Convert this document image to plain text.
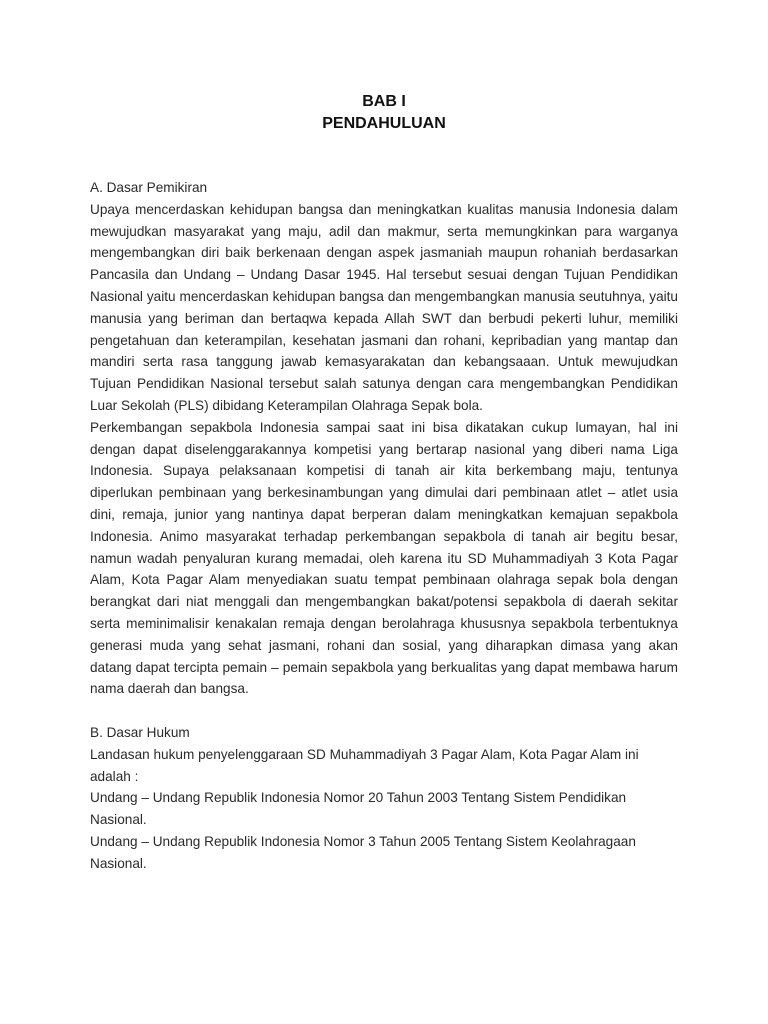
BAB I
PENDAHULUAN

A. Dasar Pemikiran

Upaya mencerdaskan kehidupan bangsa dan meningkatkan kualitas manusia Indonesia dalam mewujudkan masyarakat yang maju, adil dan makmur, serta memungkinkan para warganya mengembangkan diri baik berkenaan dengan aspek jasmaniah maupun rohaniah berdasarkan Pancasila dan Undang – Undang Dasar 1945. Hal tersebut sesuai dengan Tujuan Pendidikan Nasional yaitu mencerdaskan kehidupan bangsa dan mengembangkan manusia seutuhnya, yaitu manusia yang beriman dan bertaqwa kepada Allah SWT dan berbudi pekerti luhur, memiliki pengetahuan dan keterampilan, kesehatan jasmani dan rohani, kepribadian yang mantap dan mandiri serta rasa tanggung jawab kemasyarakatan dan kebangsaaan. Untuk mewujudkan Tujuan Pendidikan Nasional tersebut salah satunya dengan cara mengembangkan Pendidikan Luar Sekolah (PLS) dibidang Keterampilan Olahraga Sepak bola.

Perkembangan sepakbola Indonesia sampai saat ini bisa dikatakan cukup lumayan, hal ini dengan dapat diselenggarakannya kompetisi yang bertarap nasional yang diberi nama Liga Indonesia. Supaya pelaksanaan kompetisi di tanah air kita berkembang maju, tentunya diperlukan pembinaan yang berkesinambungan yang dimulai dari pembinaan atlet – atlet usia dini, remaja, junior yang nantinya dapat berperan dalam meningkatkan kemajuan sepakbola Indonesia. Animo masyarakat terhadap perkembangan sepakbola di tanah air begitu besar, namun wadah penyaluran kurang memadai, oleh karena itu SD Muhammadiyah 3 Kota Pagar Alam, Kota Pagar Alam menyediakan suatu tempat pembinaan olahraga sepak bola dengan berangkat dari niat menggali dan mengembangkan bakat/potensi sepakbola di daerah sekitar serta meminimalisir kenakalan remaja dengan berolahraga khususnya sepakbola terbentuknya generasi muda yang sehat jasmani, rohani dan sosial, yang diharapkan dimasa yang akan datang dapat tercipta pemain – pemain sepakbola yang berkualitas yang dapat membawa harum nama daerah dan bangsa.

B. Dasar Hukum

Landasan hukum penyelenggaraan SD Muhammadiyah 3 Pagar Alam, Kota Pagar Alam ini adalah :

Undang – Undang Republik Indonesia Nomor 20 Tahun 2003 Tentang Sistem Pendidikan Nasional.

Undang – Undang Republik Indonesia Nomor 3 Tahun 2005 Tentang Sistem Keolahragaan Nasional.
